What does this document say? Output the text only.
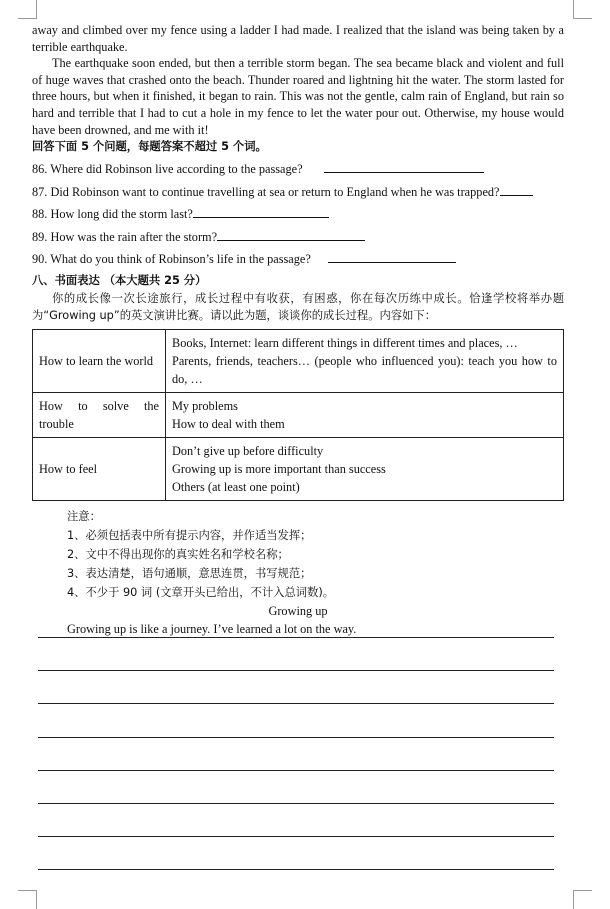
away and climbed over my fence using a ladder I had made. I realized that the island was being taken by a terrible earthquake.

The earthquake soon ended, but then a terrible storm began. The sea became black and violent and full of huge waves that crashed onto the beach. Thunder roared and lightning hit the water. The storm lasted for three hours, but when it finished, it began to rain. This was not the gentle, calm rain of England, but rain so hard and terrible that I had to cut a hole in my fence to let the water pour out. Otherwise, my house would have been drowned, and me with it!

回答下面 5 个问题，每题答案不超过 5 个词。

86. Where did Robinson live according to the passage?
87. Did Robinson want to continue travelling at sea or return to England when he was trapped?
88. How long did the storm last?
89. How was the rain after the storm?
90. What do you think of Robinson’s life in the passage?
八、书面表达 （本大题共 25 分）

你的成长像一次长途旅行，成长过程中有收获，有困惑，你在每次历练中成长。恰逢学校将举办题为“Growing up”的英文演讲比赛。请以此为题，谈谈你的成长过程。内容如下：

How to learn the world	Books, Internet: learn different things in different times and places, …
Parents, friends, teachers… (people who influenced you): teach you how to do, …

How to solve the trouble	My problems
How to deal with them

How to feel	Don’t give up before difficulty
Growing up is more important than success
Others (at least one point)
注意：
1、必须包括表中所有提示内容，并作适当发挥；
2、文中不得出现你的真实姓名和学校名称；
3、表达清楚，语句通顺，意思连贯，书写规范；
4、不少于 90 词 (文章开头已给出，不计入总词数)。
Growing up
Growing up is like a journey. I’ve learned a lot on the way.
